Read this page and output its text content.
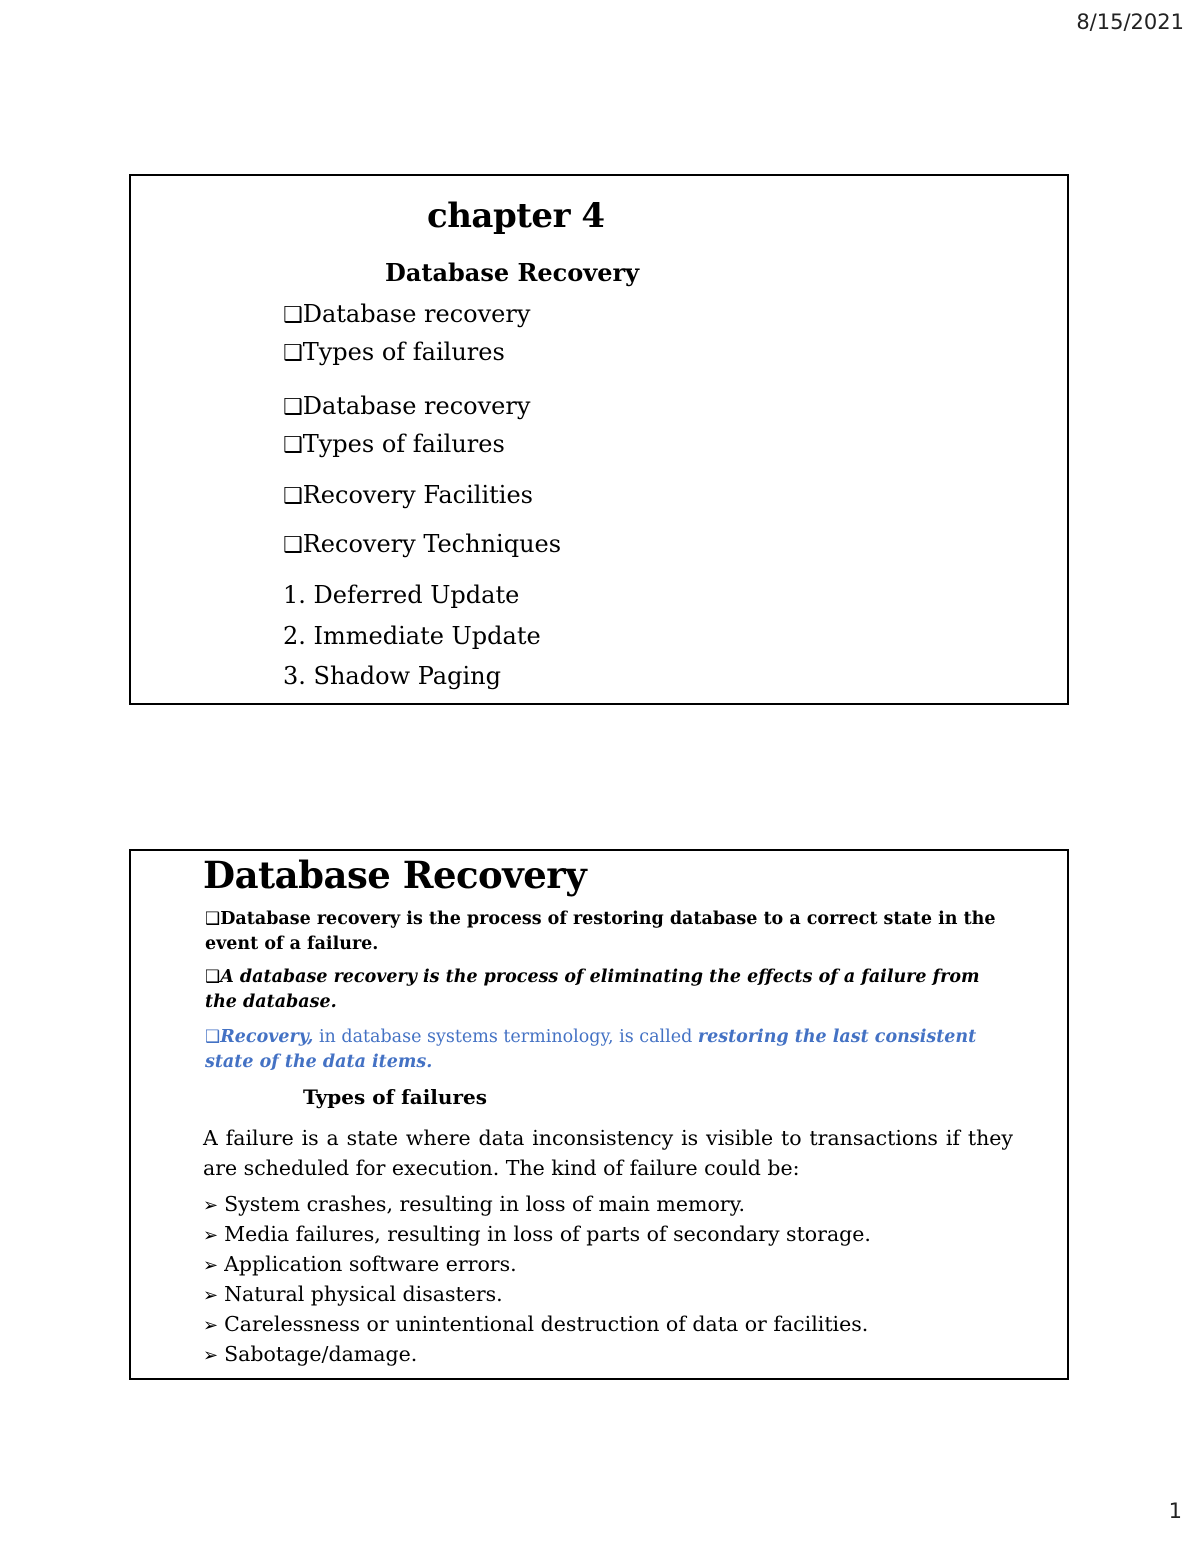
8/15/2021
chapter 4
Database Recovery
❑Database recovery
❑Types of failures
❑Database recovery
❑Types of failures
❑Recovery Facilities
❑Recovery Techniques
1. Deferred Update
2. Immediate Update
3. Shadow Paging
Database Recovery
❑Database recovery is the process of restoring database to a correct state in the event of a failure.
❑A database recovery is the process of eliminating the effects of a failure from the database.
❑Recovery, in database systems terminology, is called restoring the last consistent state of the data items.
Types of failures
A failure is a state where data inconsistency is visible to transactions if they are scheduled for execution. The kind of failure could be:
➢ System crashes, resulting in loss of main memory.
➢ Media failures, resulting in loss of parts of secondary storage.
➢ Application software errors.
➢ Natural physical disasters.
➢ Carelessness or unintentional destruction of data or facilities.
➢ Sabotage/damage.
1
